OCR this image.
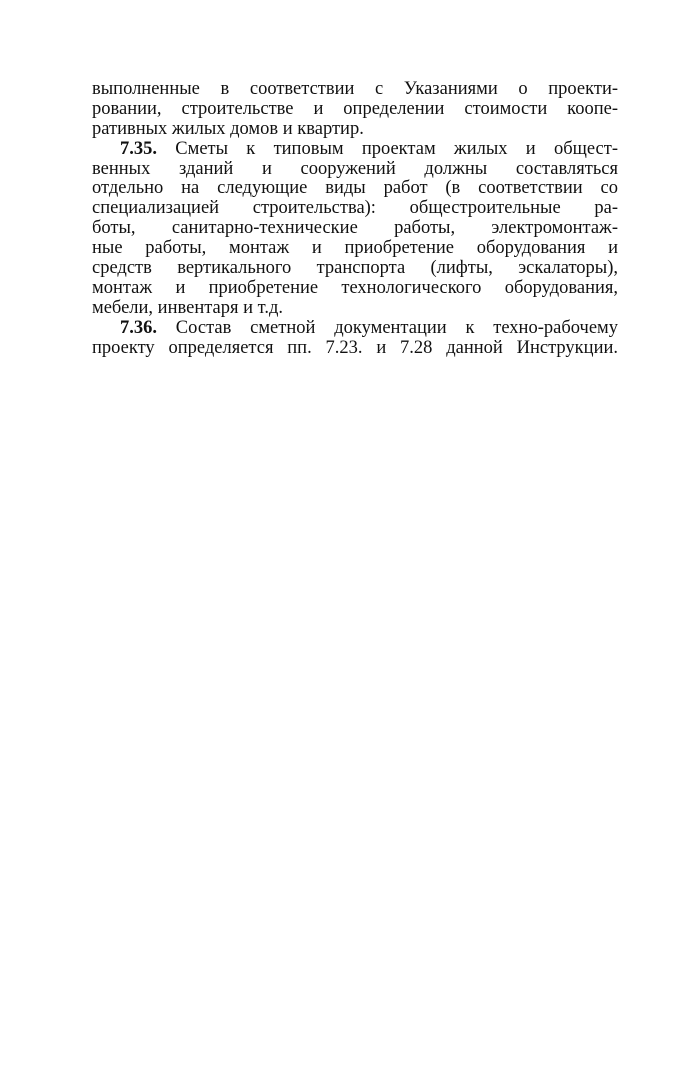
выполненные в соответствии с Указаниями о проекти-
ровании, строительстве и определении стоимости коопе-
ративных жилых домов и квартир.
7.35. Сметы к типовым проектам жилых и общест-
венных зданий и сооружений должны составляться
отдельно на следующие виды работ (в соответствии со
специализацией строительства): общестроительные ра-
боты, санитарно-технические работы, электромонтаж-
ные работы, монтаж и приобретение оборудования и
средств вертикального транспорта (лифты, эскалаторы),
монтаж и приобретение технологического оборудования,
мебели, инвентаря и т.д.
7.36. Состав сметной документации к техно-рабочему
проекту определяется пп. 7.23. и 7.28 данной Инструкции.
